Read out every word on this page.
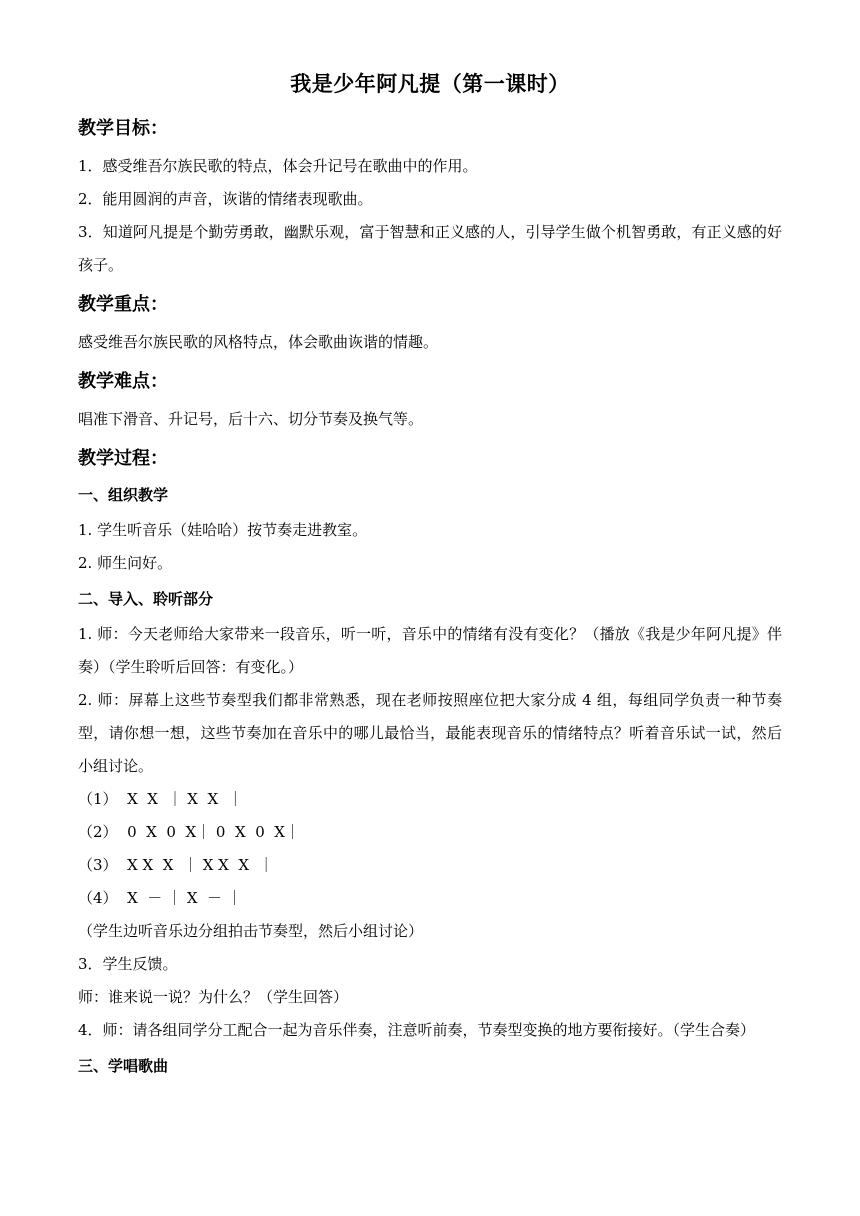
我是少年阿凡提（第一课时）
教学目标：

1．感受维吾尔族民歌的特点，体会升记号在歌曲中的作用。

2．能用圆润的声音，诙谐的情绪表现歌曲。

3．知道阿凡提是个勤劳勇敢，幽默乐观，富于智慧和正义感的人，引导学生做个机智勇敢，有正义感的好孩子。

教学重点：

感受维吾尔族民歌的风格特点，体会歌曲诙谐的情趣。

教学难点：

唱准下滑音、升记号，后十六、切分节奏及换气等。

教学过程：
一、组织教学

1. 学生听音乐（娃哈哈）按节奏走进教室。

2. 师生问好。

二、导入、聆听部分

1. 师：今天老师给大家带来一段音乐，听一听，音乐中的情绪有没有变化？（播放《我是少年阿凡提》伴奏）（学生聆听后回答：有变化。）

2. 师：屏幕上这些节奏型我们都非常熟悉，现在老师按照座位把大家分成 4 组，每组同学负责一种节奏型，请你想一想，这些节奏加在音乐中的哪儿最恰当，最能表现音乐的情绪特点？听着音乐试一试，然后小组讨论。

（1）  X  X  ｜ X  X  ｜

（2）  0  X  0  X｜ 0  X  0  X｜

（3）  X X  X  ｜ X X  X  ｜

（4）  X  － ｜ X  － ｜

（学生边听音乐边分组拍击节奏型，然后小组讨论）

3．学生反馈。

师：谁来说一说？为什么？（学生回答）

4．师：请各组同学分工配合一起为音乐伴奏，注意听前奏，节奏型变换的地方要衔接好。（学生合奏）

三、学唱歌曲
